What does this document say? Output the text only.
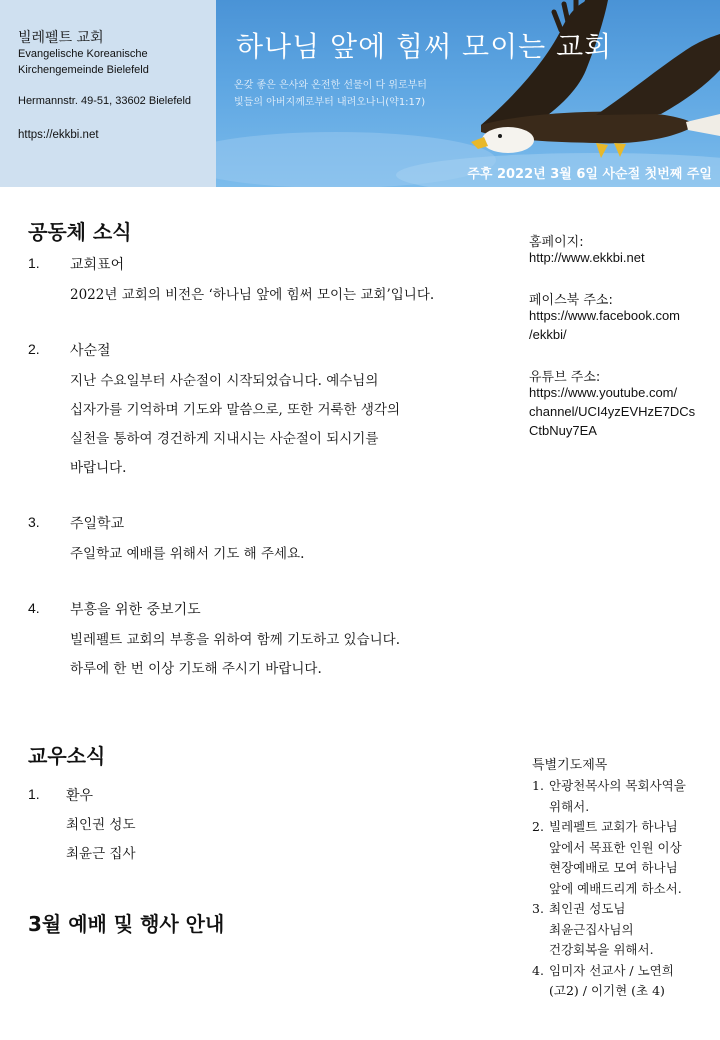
빌레펠트 교회
Evangelische Koreanische
Kirchengemeinde Bielefeld
Hermannstr. 49-51, 33602 Bielefeld
https://ekkbi.net
하나님 앞에 힘써 모이는 교회
온갖 좋은 은사와 온전한 선물이 다 위로부터
빛들의 아버지께로부터 내려오나니(약1:17)
주후 2022년 3월 6일 사순절 첫번째 주일
공동체 소식
1. 교회표어
2022년 교회의 비전은 ‘하나님 앞에 힘써 모이는 교회’입니다.
2. 사순절
지난 수요일부터 사순절이 시작되었습니다. 예수님의
십자가를 기억하며 기도와 말씀으로, 또한 거룩한 생각의
실천을 통하여 경건하게 지내시는 사순절이 되시기를
바랍니다.
3. 주일학교
주일학교 예배를 위해서 기도 해 주세요.
4. 부흥을 위한 중보기도
빌레펠트 교회의 부흥을 위하여 함께 기도하고 있습니다.
하루에 한 번 이상 기도해 주시기 바랍니다.
홈페이지:
http://www.ekkbi.net
페이스북 주소:
https://www.facebook.com
/ekkbi/
유튜브 주소:
https://www.youtube.com/
channel/UCI4yzEVHzE7DCs
CtbNuy7EA
교우소식
1. 환우
최인권 성도
최윤근 집사
3월 예배 및 행사 안내
특별기도제목
1. 안광천목사의 목회사역을
위해서.
2. 빌레펠트 교회가 하나님
앞에서 목표한 인원 이상
현장예배로 모여 하나님
앞에 예배드리게 하소서.
3. 최인권 성도님
최윤근집사님의
건강회복을 위해서.
4. 임미자 선교사 / 노연희
(고2) / 이기현 (초 4)
